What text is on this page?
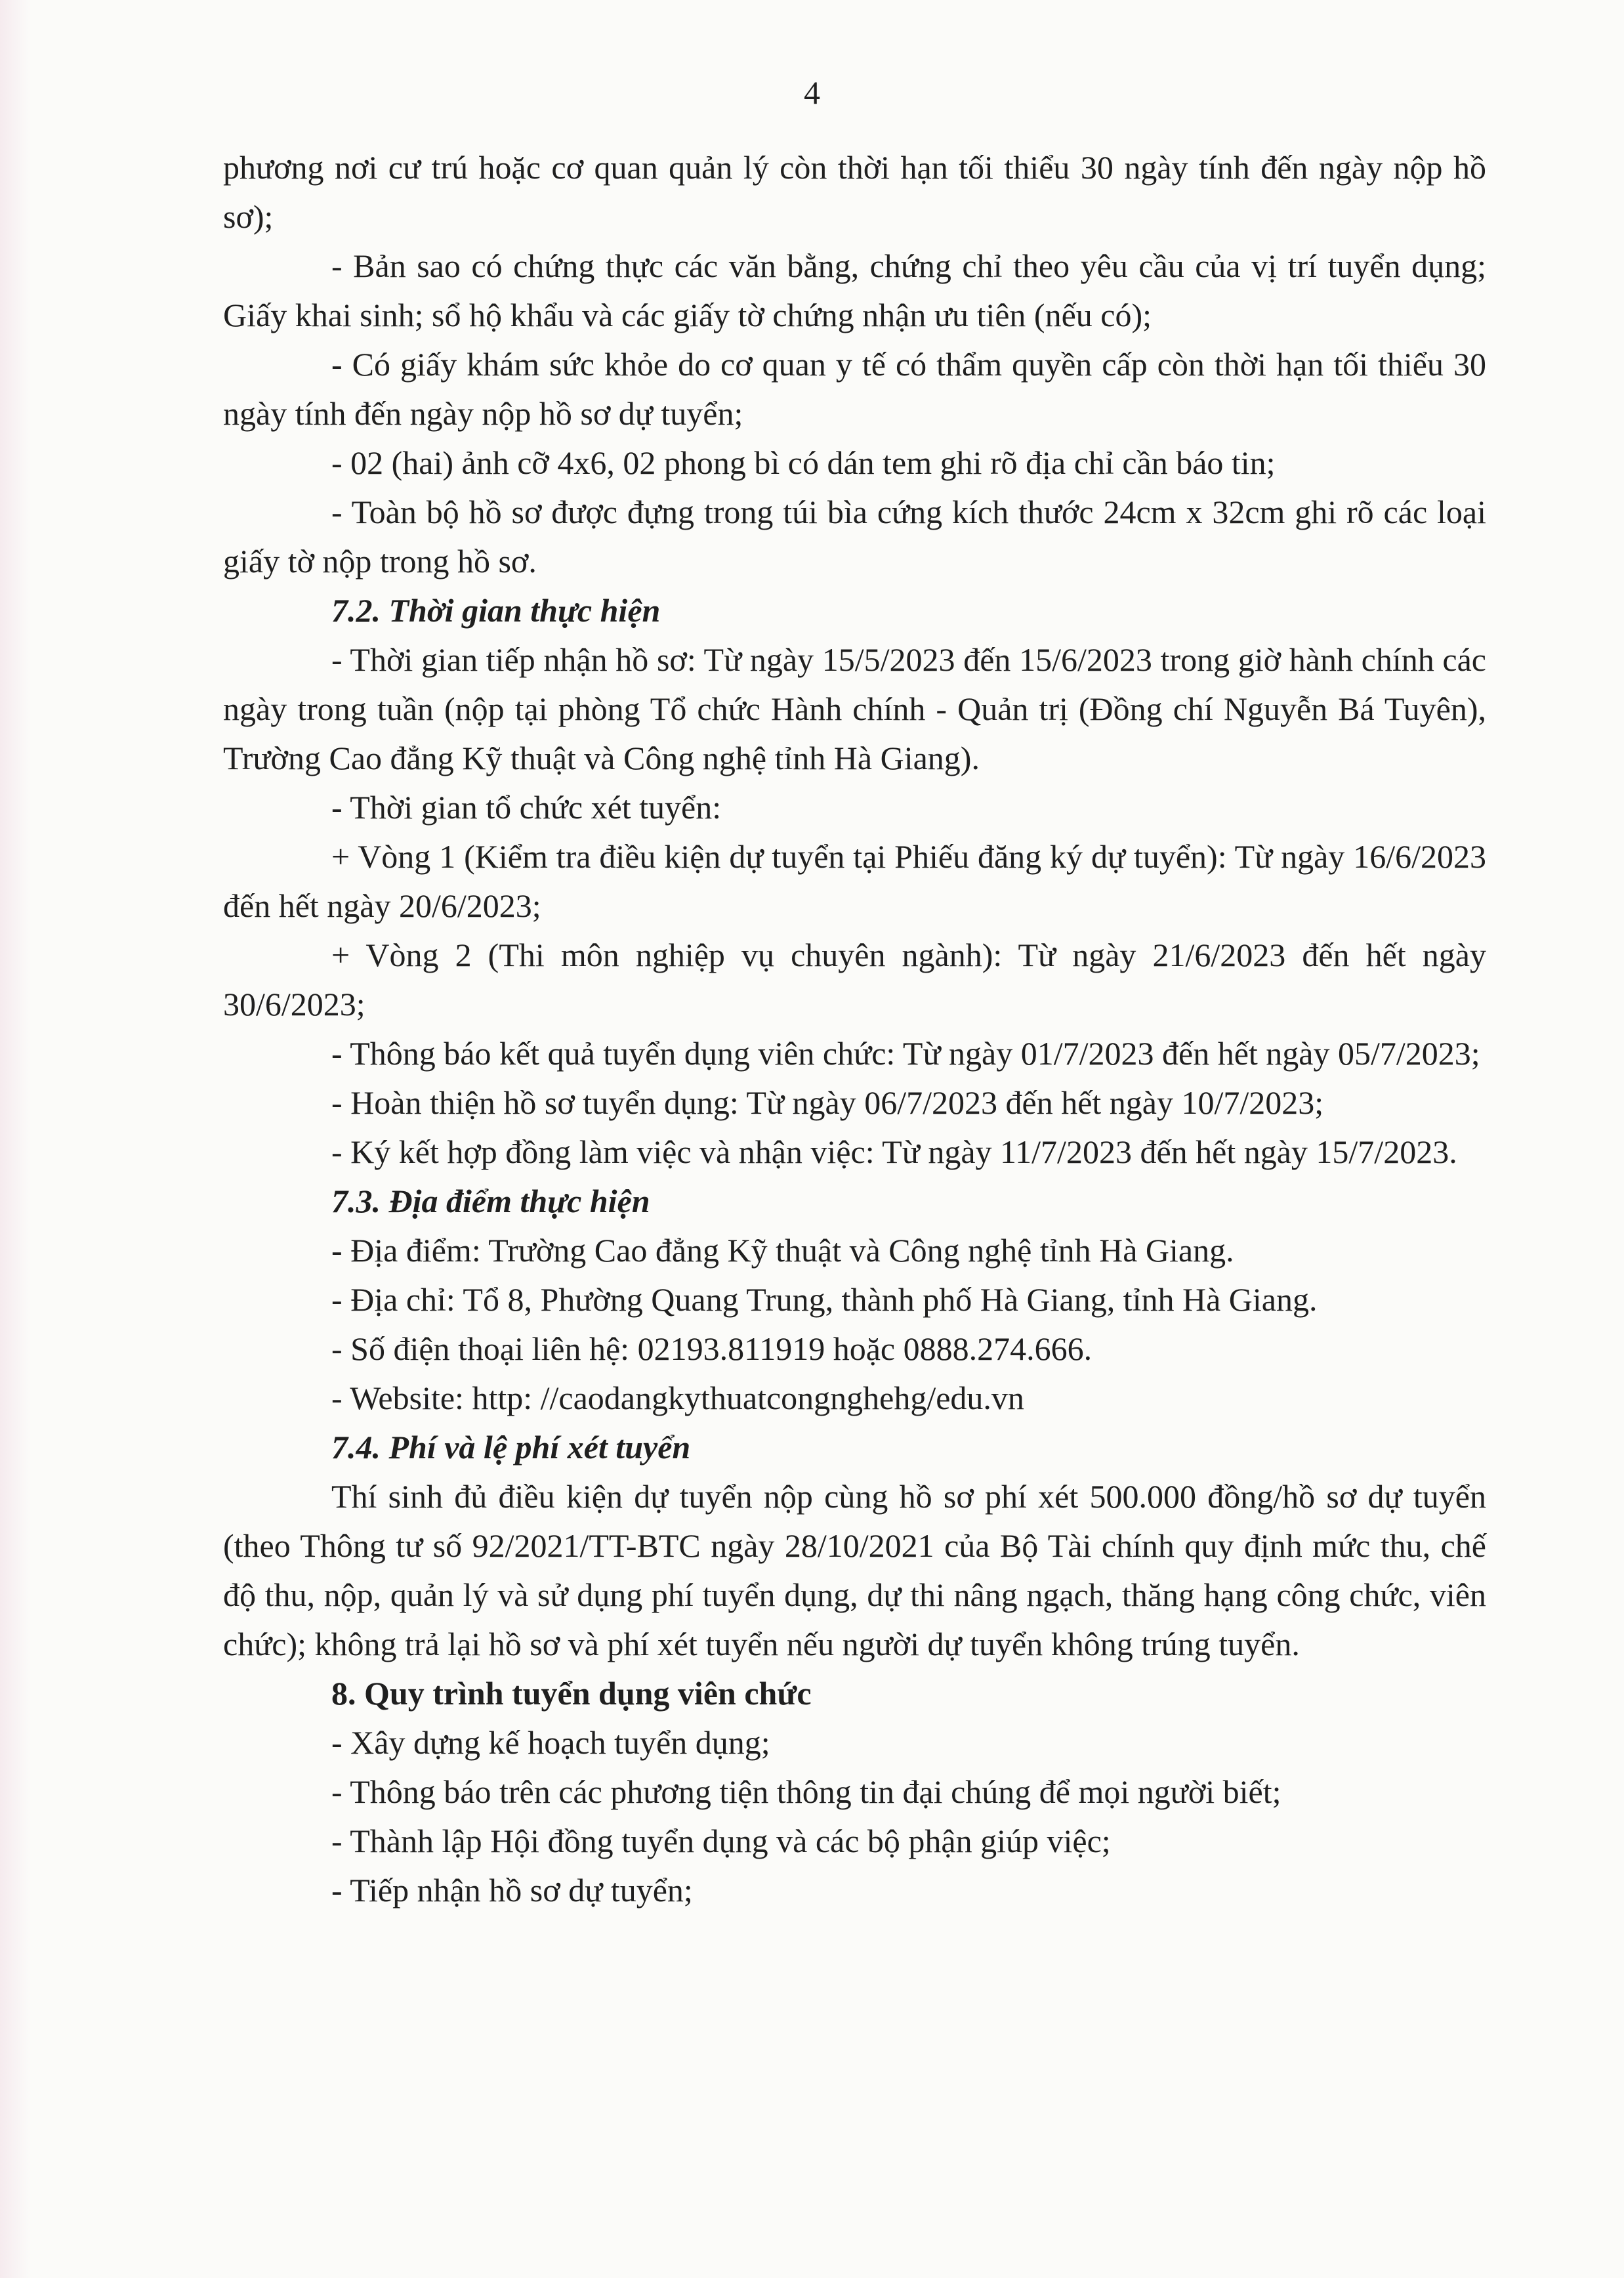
4

phương nơi cư trú hoặc cơ quan quản lý còn thời hạn tối thiểu 30 ngày tính đến ngày nộp hồ sơ);

- Bản sao có chứng thực các văn bằng, chứng chỉ theo yêu cầu của vị trí tuyển dụng; Giấy khai sinh; sổ hộ khẩu và các giấy tờ chứng nhận ưu tiên (nếu có);

- Có giấy khám sức khỏe do cơ quan y tế có thẩm quyền cấp còn thời hạn tối thiểu 30 ngày tính đến ngày nộp hồ sơ dự tuyển;

- 02 (hai) ảnh cỡ 4x6, 02 phong bì có dán tem ghi rõ địa chỉ cần báo tin;

- Toàn bộ hồ sơ được đựng trong túi bìa cứng kích thước 24cm x 32cm ghi rõ các loại giấy tờ nộp trong hồ sơ.

7.2. Thời gian thực hiện

- Thời gian tiếp nhận hồ sơ: Từ ngày 15/5/2023 đến 15/6/2023 trong giờ hành chính các ngày trong tuần (nộp tại phòng Tổ chức Hành chính - Quản trị (Đồng chí Nguyễn Bá Tuyên), Trường Cao đẳng Kỹ thuật và Công nghệ tỉnh Hà Giang).

- Thời gian tổ chức xét tuyển:

+ Vòng 1 (Kiểm tra điều kiện dự tuyển tại Phiếu đăng ký dự tuyển): Từ ngày 16/6/2023 đến hết ngày 20/6/2023;

+ Vòng 2 (Thi môn nghiệp vụ chuyên ngành): Từ ngày 21/6/2023 đến hết ngày 30/6/2023;

- Thông báo kết quả tuyển dụng viên chức: Từ ngày 01/7/2023 đến hết ngày 05/7/2023;

- Hoàn thiện hồ sơ tuyển dụng: Từ ngày 06/7/2023 đến hết ngày 10/7/2023;

- Ký kết hợp đồng làm việc và nhận việc: Từ ngày 11/7/2023 đến hết ngày 15/7/2023.

7.3. Địa điểm thực hiện

- Địa điểm: Trường Cao đẳng Kỹ thuật và Công nghệ tỉnh Hà Giang.

- Địa chỉ: Tổ 8, Phường Quang Trung, thành phố Hà Giang, tỉnh Hà Giang.

- Số điện thoại liên hệ: 02193.811919 hoặc 0888.274.666.

- Website: http: //caodangkythuatcongnghehg/edu.vn

7.4. Phí và lệ phí xét tuyển

Thí sinh đủ điều kiện dự tuyển nộp cùng hồ sơ phí xét 500.000 đồng/hồ sơ dự tuyển (theo Thông tư số 92/2021/TT-BTC ngày 28/10/2021 của Bộ Tài chính quy định mức thu, chế độ thu, nộp, quản lý và sử dụng phí tuyển dụng, dự thi nâng ngạch, thăng hạng công chức, viên chức); không trả lại hồ sơ và phí xét tuyển nếu người dự tuyển không trúng tuyển.

8. Quy trình tuyển dụng viên chức

- Xây dựng kế hoạch tuyển dụng;

- Thông báo trên các phương tiện thông tin đại chúng để mọi người biết;

- Thành lập Hội đồng tuyển dụng và các bộ phận giúp việc;

- Tiếp nhận hồ sơ dự tuyển;
